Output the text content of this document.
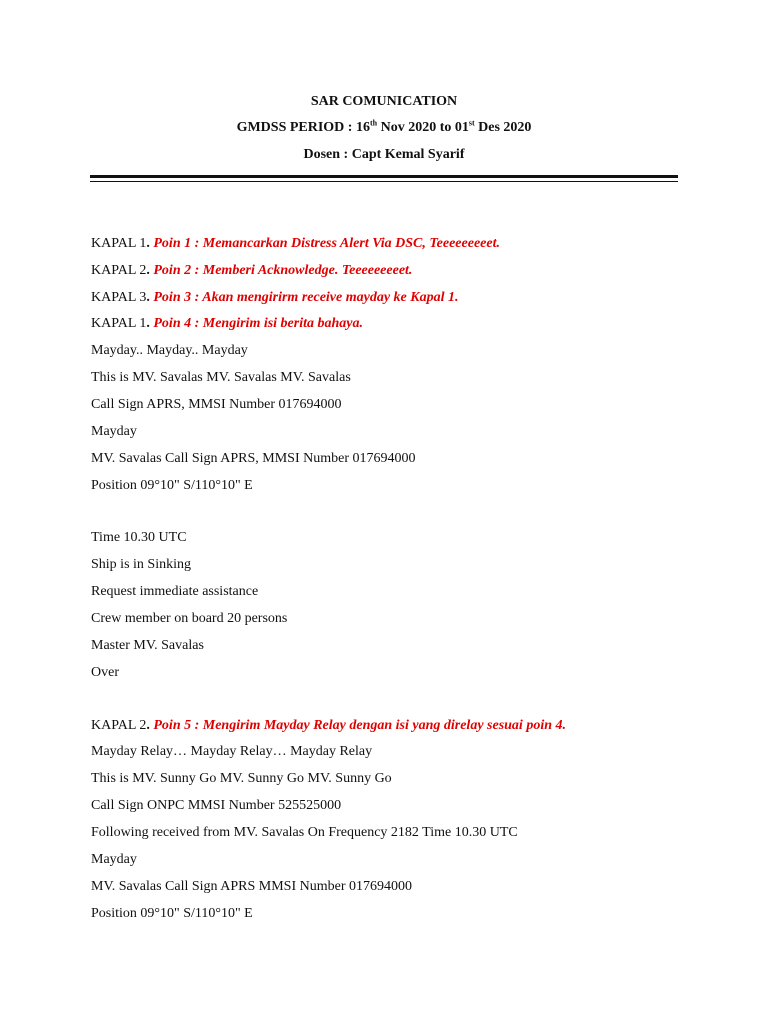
SAR COMUNICATION
GMDSS PERIOD : 16th Nov 2020 to 01st Des 2020
Dosen : Capt Kemal Syarif
KAPAL 1. Poin 1 : Memancarkan Distress Alert Via DSC, Teeeeeeeeet.
KAPAL 2. Poin 2 : Memberi Acknowledge. Teeeeeeeeet.
KAPAL 3. Poin 3 : Akan mengirirm receive mayday ke Kapal 1.
KAPAL 1. Poin 4 : Mengirim isi berita bahaya.
Mayday.. Mayday.. Mayday
This is MV. Savalas MV. Savalas MV. Savalas
Call Sign APRS, MMSI Number 017694000
Mayday
MV. Savalas Call Sign APRS, MMSI Number 017694000
Position 09°10" S/110°10" E
Time 10.30 UTC
Ship is in Sinking
Request immediate assistance
Crew member on board 20 persons
Master MV. Savalas
Over
KAPAL 2. Poin 5 : Mengirim Mayday Relay dengan isi yang direlay sesuai poin 4.
Mayday Relay… Mayday Relay… Mayday Relay
This is MV. Sunny Go MV. Sunny Go MV. Sunny Go
Call Sign ONPC MMSI Number 525525000
Following received from MV. Savalas On Frequency 2182 Time 10.30 UTC
Mayday
MV. Savalas Call Sign APRS MMSI Number 017694000
Position 09°10" S/110°10" E
